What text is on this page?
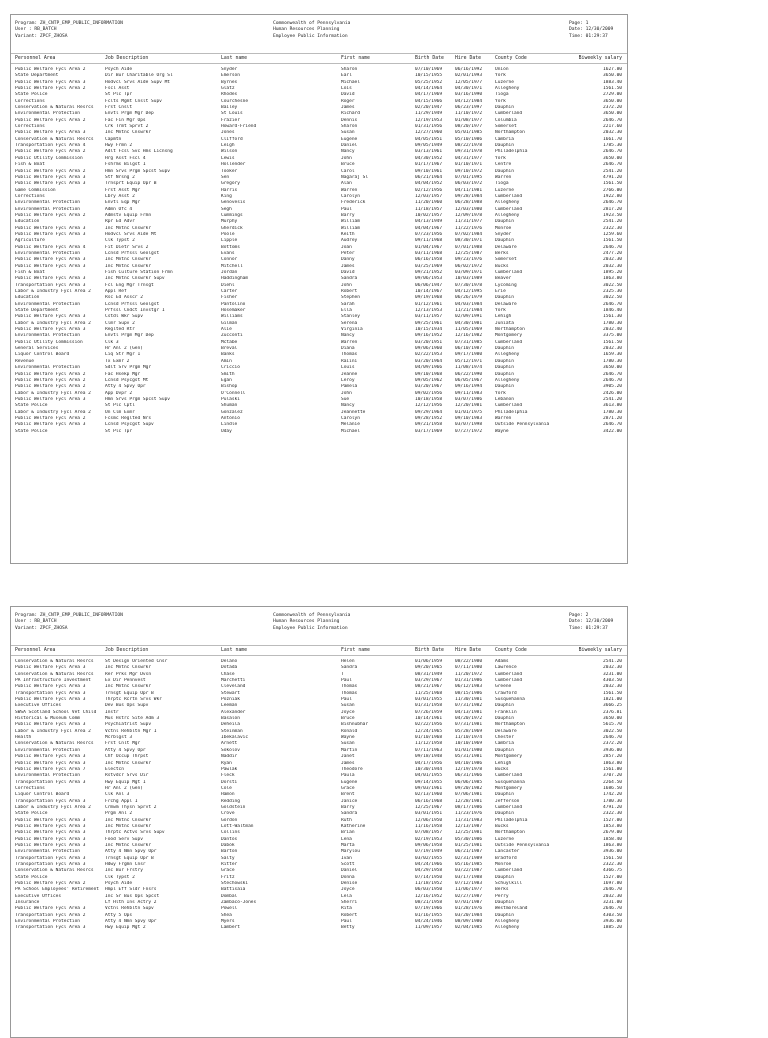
Program: ZH_CNTP_EMP_PUBLIC_INFORMATION
User : RB_BATCH
Variant: ZPCF_ZHOSA
Commonwealth of Pennsylvania
Human Resources Planning
Employee Public Information
Page: 1
Date: 12/30/2009
Time: 01:29:37
Personnel Area	Job Description	Last name	First name	Birth Date	Hire Date	County Code	Biweekly salary
Public Welfare Fycl Area 2	Psych Aide	Snyder	Sharon	07/10/1969	06/16/1992	Union	1627.80
State Department	Dir Bur Charitable Org Sl	Emerson	Earl	10/15/1955	02/01/1993	York	3650.00
Public Welfare Fycl Area 3	Hodvcl Srvs Aide Supv Mt	Byrnes	Michael	05/25/1952	12/05/1977	Luzerne	1883.40
Public Welfare Fycl Area 2	Fscl Asst	Glatz	Lois	04/14/1964	04/30/1971	Allegheny	1561.50
State Police	St Plc Tpr	Rhodes	David	04/17/1969	03/16/1990	Tioga	2729.00
Corrections	Fclts Mgmt Cnslt Supv	Courchesne	Roger	04/15/1966	04/12/1984	York	3650.00
Conservation & Natural Resrcs	Frst Cnslt	Bailey	James	02/20/1947	06/23/1997	Dauphin	2372.20
Environmental Protection	Envtl Prgm Mgr Dep	St Louis	Richard	11/29/1949	11/10/1972	Cumberland	3650.00
Public Welfare Fycl Area 2	Fac Fin Mgr Ops	Frazier	Dennis	12/19/1953	01/08/1977	Columbia	2646.70
Corrections	Crk Trmt Sprvt 2	Howard-Friend	Sharon	01/31/1956	08/20/1977	Somerset	2217.60
Public Welfare Fycl Area 3	Inc Mntnc Cnswrkr	Jones	Susan	12/27/1960	05/01/1985	Northampton	2032.30
Conservation & Natural Resrcs	Capmtn	Clifford	Eugene	04/05/1951	05/10/1986	Cambria	1661.70
Transportation Fycl Area 4	Hwy Frmn 2	Leigh	Daniel	09/05/1949	08/22/1978	Dauphin	1785.30
Public Welfare Fycl Area 2	Adlt Fcsl Svc Hms Licnsng	Wilson	Nancy	03/13/1961	09/31/1978	Philadelphia	2646.70
Public Utility Commission	Hrg Asst Fscl 4	Lewis	John	04/30/1952	04/31/1977	York	3650.00
Fish & Boat	Fshrms Bilgst 1	Hollender	Bruce	01/17/1967	01/10/1971	Centre	2646.70
Public Welfare Fycl Area 2	Hmn Srvs Prgm Spcst Supv	Tooker	Carol	09/10/1961	09/10/1972	Dauphin	2541.20
Public Welfare Fycl Area 3	Stf Nrsng 2	Sen	Nagaraj Sl	06/21/1964	07/01/1995	Warren	4791.20
Public Welfare Fycl Area 3	Trnsprt Equip Opr B	Gregory	Alan	04/04/1952	06/03/1972	Tioga	1561.50
Game Commission	Frst Asst Mgr	Harris	Warren	02/12/1956	04/11/1981	Luzerne	2766.00
Corrections	Lbry Asst 2	King	Carolyn	12/03/1957	09/28/1984	Cumberland	1922.80
Environmental Protection	Envtl Eqp Mgr	Genovesis	Frederick	11/20/1960	06/28/1988	Allegheny	2646.70
Environmental Protection	Admn Ofc 4	Segh	Paul	11/18/1957	12/03/1980	Cumberland	2817.20
Public Welfare Fycl Area 2	Admstv Equip Frmn	Cummings	Barry	10/02/1957	12/09/1978	Allegheny	1923.50
Education	Rpr Ed Advr	Murphy	William	04/13/1949	11/31/1977	Dauphin	2541.20
Public Welfare Fycl Area 3	Inc Mntnc Cnswrkr	Gherdick	William	04/04/1967	11/22/1976	Monroe	2322.30
Public Welfare Fycl Area 3	Hodvcl Srvs Aide Mt	Poole	Keith	07/23/1956	07/02/1984	Snyder	1259.60
Agriculture	Clk Typst 2	Lipple	Audrey	09/11/1968	08/30/1971	Dauphin	1561.50
Public Welfare Fycl Area 4	Fit Dietr Srvs 2	Bottoms	Joan	01/04/1967	07/01/1988	Delaware	2646.70
Environmental Protection	Lcnsd Prfssl Geolgst	Evans	Peter	03/11/1968	12/25/1987	Berks	2477.20
Public Welfare Fycl Area 3	Inc Mntnc Cnswrkr	Connor	Danny	06/16/1958	09/23/1976	Somerset	2032.30
Public Welfare Fycl Area 3	Inc Mntnc Cnswrkr	Mitchell	James	03/25/1969	06/02/1972	Bucks	2032.30
Fish & Boat	Fish Culture Station Frmn	Jordan	David	09/21/1952	03/09/1971	Cumberland	1895.20
Public Welfare Fycl Area 3	Inc Mntnc Cnswrkr Supv	Haddingham	Sandra	09/06/1953	10/03/1989	Beaver	1863.80
Transportation Fycl Area 3	Fcl Eng Mgr Trnsgt	Diehl	John	06/06/1947	07/30/1978	Lycoming	3022.50
Labor & Industry Fycl Area 2	Appl Ref	Carter	Robert	10/14/1967	04/12/1995	Erie	2325.30
Education	Rsc Ed Asscr 2	Fisher	Stephen	09/19/1968	06/26/1979	Dauphin	3022.50
Environmental Protection	Lcnsd Prfssl Geolgst	Pantolino	Sarah	01/12/1961	04/03/1984	Delaware	2646.70
State Department	Prfssl Cndct Invstgr 1	Hosemaker	Ella	12/13/1953	11/21/1984	York	1846.40
Public Welfare Fycl Area 3	Cstdl Wkr Supv	Williams	Stanley	03/11/1957	02/09/1991	Lehigh	1561.30
Labor & Industry Fycl Area 2	Clmr Supv 2	Gilman	Serena	09/25/1961	04/30/1981	Juniata	1780.30
Public Welfare Fycl Area 3	Reglted Rtr	Alie	Virginia	10/15/1934	11/05/1969	Northampton	2032.40
Environmental Protection	Envtl Prgm Mgr Dep	Zucconti	Nancy	09/16/1952	12/16/1982	Montgomery	3375.00
Public Utility Commission	Clk 3	Mctabe	Warren	03/20/1951	07/31/1985	Cumberland	1561.50
General Services	Hr Anl 2 (Gen)	Breval	Diana	09/06/1960	06/10/1987	Dauphin	2032.30
Liquor Control Board	Liq Str Mgr 1	Banks	Thomas	02/22/1953	09/17/1980	Allegheny	1659.30
Revenue	Tx Exmr 2	Amin	Raiini	03/20/1964	05/12/1971	Dauphin	1780.30
Environmental Protection	Sdlt Srv Prgm Mgr	Criccio	Louis	04/09/1966	11/08/1974	Dauphin	3650.00
Public Welfare Fycl Area 2	Fac Hsekp Mgr	Smith	Jeanne	09/10/1968	06/22/1990	Dauphin	2646.70
Public Welfare Fycl Area 2	Lcnsd Psycgst Mt	Egan	Leroy	09/05/1962	06/05/1967	Allegheny	2646.70
Public Welfare Fycl Area 2	Atty 4 Spvy Opr	Bishop	Pamela	03/20/1967	09/16/1994	Dauphin	3905.20
Labor & Industry Fycl Area 2	App Dvpr 2	O'Connell	John	09/02/1956	09/11/1983	York	2426.00
Public Welfare Fycl Area 3	Hmn Srvs Prgm Spcst Supv	Pulaski	Sue	10/18/1958	03/07/1986	Lebanon	2541.20
State Police	St Plc Cptl	Shuman	Nancy	12/12/1956	12/20/1981	Cumberland	3613.80
Labor & Industry Fycl Area 2	Un Clm Exmr	Gonzalez	Jeannette	09/29/1964	01/01/1975	Philadelphia	1780.30
Public Welfare Fycl Area 2	Fcsmc Reglted Nrs	Antonio	Carolyn	09/28/1952	09/10/1983	Warren	2871.20
Public Welfare Fycl Area 3	Lcnsd Psycgst Supv	Lindle	Melanie	09/21/1958	03/07/1998	Outside Pennsylvania	2646.70
State Police	St Plc Tpr	Uday	Michael	03/17/1969	07/27/1972	Wayne	3422.00
Program: ZH_CNTP_EMP_PUBLIC_INFORMATION
User : RB_BATCH
Variant: ZPCF_ZHOSA
Commonwealth of Pennsylvania
Human Resources Planning
Employee Public Information
Page: 2
Date: 12/30/2009
Time: 01:29:37
Personnel Area	Job Description	Last name	First name	Birth Date	Hire Date	County Code	Biweekly salary
Conservation & Natural Resrcs	St Design Oriented Cnsr	Delano	Helen	01/06/1959	08/22/1980	Adams	2541.20
Public Welfare Fycl Area 3	Inc Mntnc Cnswrkr	Dotada	Sandra	09/20/1965	07/11/1980	Lawrence	2032.30
Conservation & Natural Resrcs	Rer Prks Mgr Dvsn	Chase	T	08/31/1949	11/20/1972	Cumberland	3231.00
PA Infrastructure Investment	Ex Dir Pennvest	Marchetti	Paul	03/29/1967	01/31/1986	Cumberland	4303.50
Public Welfare Fycl Area 3	Inc Mntnc Cnswrkr	Cleveland	Thomas	08/21/1967	06/12/1983	Greene	2032.30
Transportation Fycl Area 3	Trnsgt Equip Opr B	Stewart	Thomas	11/25/1968	08/15/1986	Crawford	1561.50
Public Welfare Fycl Area 3	Thrptc Rcrtn Srvs Wkr	Pozniak	Paul	03/01/1955	11/30/1981	Susquehanna	1821.00
Executive Offices	Dev Bus Ops Supv	Leeman	Susan	01/31/1958	07/31/1982	Dauphin	3666.25
SWSA Scotland School Vet Child	Instr	Alexander	Joyce	07/26/1959	04/13/1981	Franklin	2376.81
Historical & Museum Comm	Mus Hstrc Site Adm 3	Basalon	Bruce	10/14/1961	04/20/1972	Dauphin	3650.00
Public Welfare Fycl Area 3	Psychiatrist Supv	Deheila	Bishnubhar	02/22/1956	07/31/1981	Northampton	5615.70
Labor & Industry Fycl Area 2	Vctnl Rehbltn Mgr 1	Steinman	Ronald	12/24/1965	05/28/1969	Delaware	3022.50
Health	Mcrblgst 3	Ibekalavic	Wayne	01/10/1968	11/10/1974	Chester	2646.70
Conservation & Natural Resrcs	Frst Cnlt Mgr	Arnett	Susan	11/12/1958	10/10/1969	Cambria	2372.20
Environmental Protection	Atty 4 Spvy Opr	Sokolov	Martin	07/11/1963	01/01/1980	Dauphin	3936.00
Public Welfare Fycl Area 3	Chf Occup Thrpst	Naddir	Janet	09/18/1948	05/31/1981	Montgomery	2857.20
Public Welfare Fycl Area 3	Inc Mntnc Cnswrkr	Ryan	James	04/17/1956	04/10/1986	Lehigh	1863.80
Public Welfare Fycl Area 7	Electcn	Pawlak	Theodore	10/30/1944	12/19/1978	Bucks	1561.80
Environmental Protection	Rstvdcr Srvs Dir	Fleck	Paula	04/01/1955	06/31/1966	Cumberland	3707.20
Transportation Fycl Area 3	Hwy Equip Mgt 1	Dorsti	Eugene	09/14/1955	06/06/1985	Susquehanna	2264.50
Corrections	Hr Anl 2 (Gen)	Cole	Grace	09/03/1961	09/20/1982	Montgomery	1686.50
Liquor Control Board	Clk Anl 3	Hamon	Brent	02/13/1960	07/06/1981	Dauphin	1742.20
Transportation Fycl Area 3	Frchg Appl 1	Redding	Janice	06/16/1968	12/28/1981	Jefferson	1780.30
Labor & Industry Fycl Area 2	Crmwm Thysn Sprvt 2	Goldstein	Barry	12/25/1967	08/17/1986	Cumberland	4791.20
State Police	Prgm Anl 2	Crove	Sandra	03/01/1951	11/23/1976	Dauphin	2322.30
Public Welfare Fycl Area 3	Inc Mntnc Cnswrkr	Gordon	Ruth	12/06/1950	11/31/1983	Philadelphia	1527.00
Public Welfare Fycl Area 3	Inc Mntnc Cnswrkr	Lott-Waltman	Katherine	11/16/1958	12/13/1987	Bucks	1853.80
Public Welfare Fycl Area 3	Thrptc Actvs Srvs Supv	Collins	Brian	07/08/1957	12/25/1981	Northampton	2679.00
Public Welfare Fycl Area 3	Food Serv Supv	Dantos	Lena	02/19/1953	05/30/1986	Luzerne	1858.40
Public Welfare Fycl Area 3	Inc Mntnc Cnswrkr	Dabok	Marta	09/06/1958	01/25/1981	Outside Pennsylvania	1863.80
Environmental Protection	Atty 4 Nmn Spvy Opr	Barton	Marylou	07/19/1949	06/21/1987	Lancaster	3936.00
Transportation Fycl Area 3	Trnsgt Equip Opr B	Salty	Ivan	03/02/1955	02/31/1989	Bradford	1561.50
Transportation Fycl Area 3	Hdwy Frgmn Cnsr	Ritter	Scott	04/24/1966	05/16/1985	Monroe	2322.30
Conservation & Natural Resrcs	Inc Bur Frstry	Grace	Daniel	04/29/1958	03/22/1987	Cumberland	4366.75
State Police	Clk Typst 2	Fritz	Donna	07/14/1950	03/17/1988	Dauphin	1527.00
Public Welfare Fycl Area 2	Psych Aide	Stechowski	Denise	11/18/1952	07/12/1983	Schuylkill	1697.80
PA School Employees' Retirement	Hmpl Eff Sldr Fnsrs	Battisaia	Joyce	06/03/1950	11/06/1977	Berks	2646.70
Executive Offices	Inc Sr Bus Ops Spcst	Dombal	Lela	12/16/1952	02/27/1987	Perry	2032.30
Insurance	Lf Hlth Ins Actry 2	Zambaco-Jones	Sherri	08/21/1958	07/01/1987	Dauphin	3231.00
Public Welfare Fycl Area 3	Vctnl Rehbltn Supv	Powell	Rita	07/19/1966	01/28/1976	Westmoreland	2646.70
Transportation Fycl Area 2	Atty 5 Ops	Shea	Robert	01/16/1955	03/20/1984	Dauphin	4303.50
Environmental Protection	Atty 4 Nmn Spvy Opr	Myers	Paul	04/24/1946	08/09/1980	Allegheny	3936.00
Transportation Fycl Area 3	Hwy Equip Mgt 2	Lambert	Betty	11/09/1957	02/04/1985	Allegheny	1885.20
